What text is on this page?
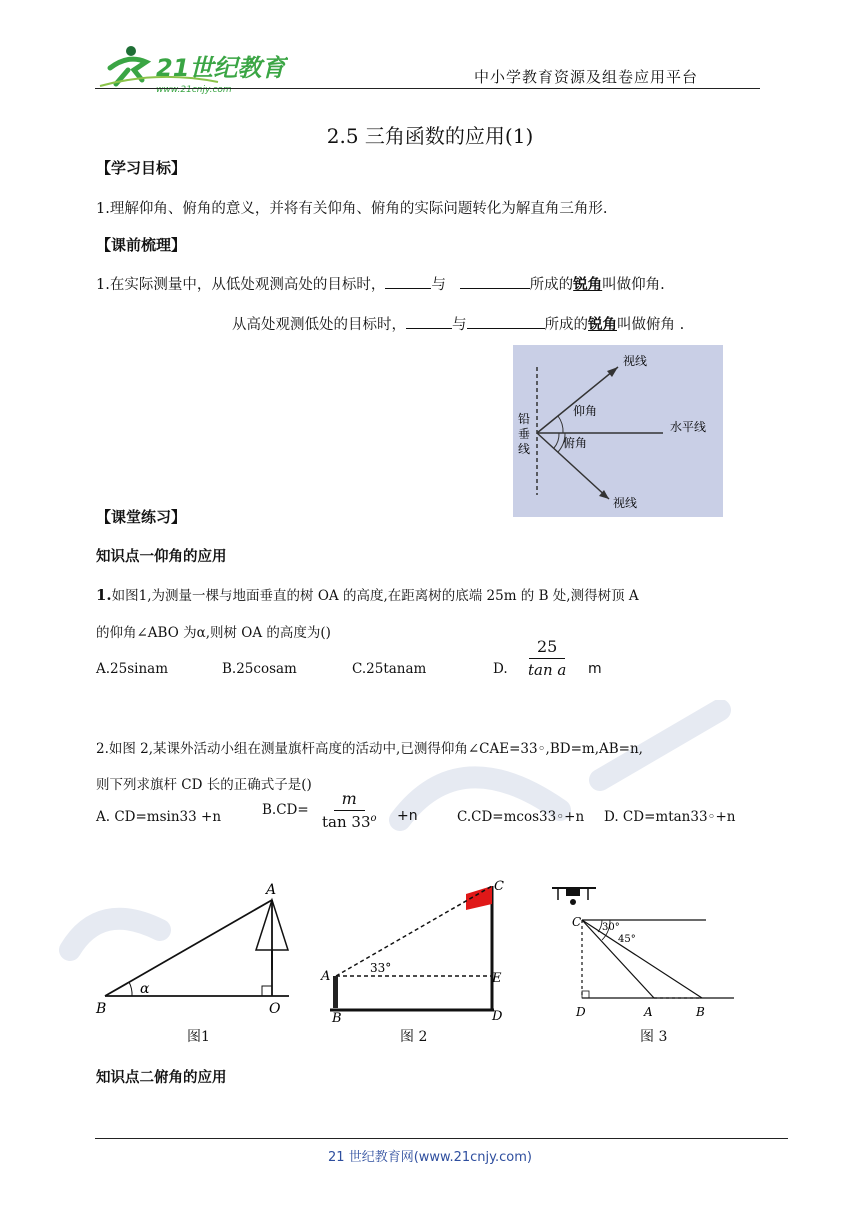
21世纪教育
www.21cnjy.com
中小学教育资源及组卷应用平台
2.5 三角函数的应用(1)
【学习目标】
1.理解仰角、俯角的意义，并将有关仰角、俯角的实际问题转化为解直角三角形.
【课前梳理】
1.在实际测量中，从低处观测高处的目标时，	与	所成的锐角叫做仰角.
从高处观测低处的目标时，	与	所成的锐角叫做俯角 .
视线
视线
仰角
俯角
水平线
铅
垂
线
【课堂练习】
知识点一仰角的应用
1.如图1,为测量一棵与地面垂直的树 OA 的高度,在距离树的底端 25m 的 B 处,测得树顶 A
的仰角∠ABO 为α,则树 OA 的高度为()
A.25sinam	B.25cosam	C.25tanam	D. $\frac{25}{\text{tan a}}$ m
2.如图 2,某课外活动小组在测量旗杆高度的活动中,已测得仰角∠CAE=33◦,BD=m,AB=n,
则下列求旗杆 CD 长的正确式子是()
A. CD=msin33 +n	$B.CD= \frac{m}{\tan 33^o} +n$	C.CD=mcos33◦+n D. CD=mtan33◦+n
A
B	O
α
图1
C
E
D
A
B
33°
图 2
C
D	A	B
30°
45°
图 3
知识点二俯角的应用
21 世纪教育网(www.21cnjy.com)
